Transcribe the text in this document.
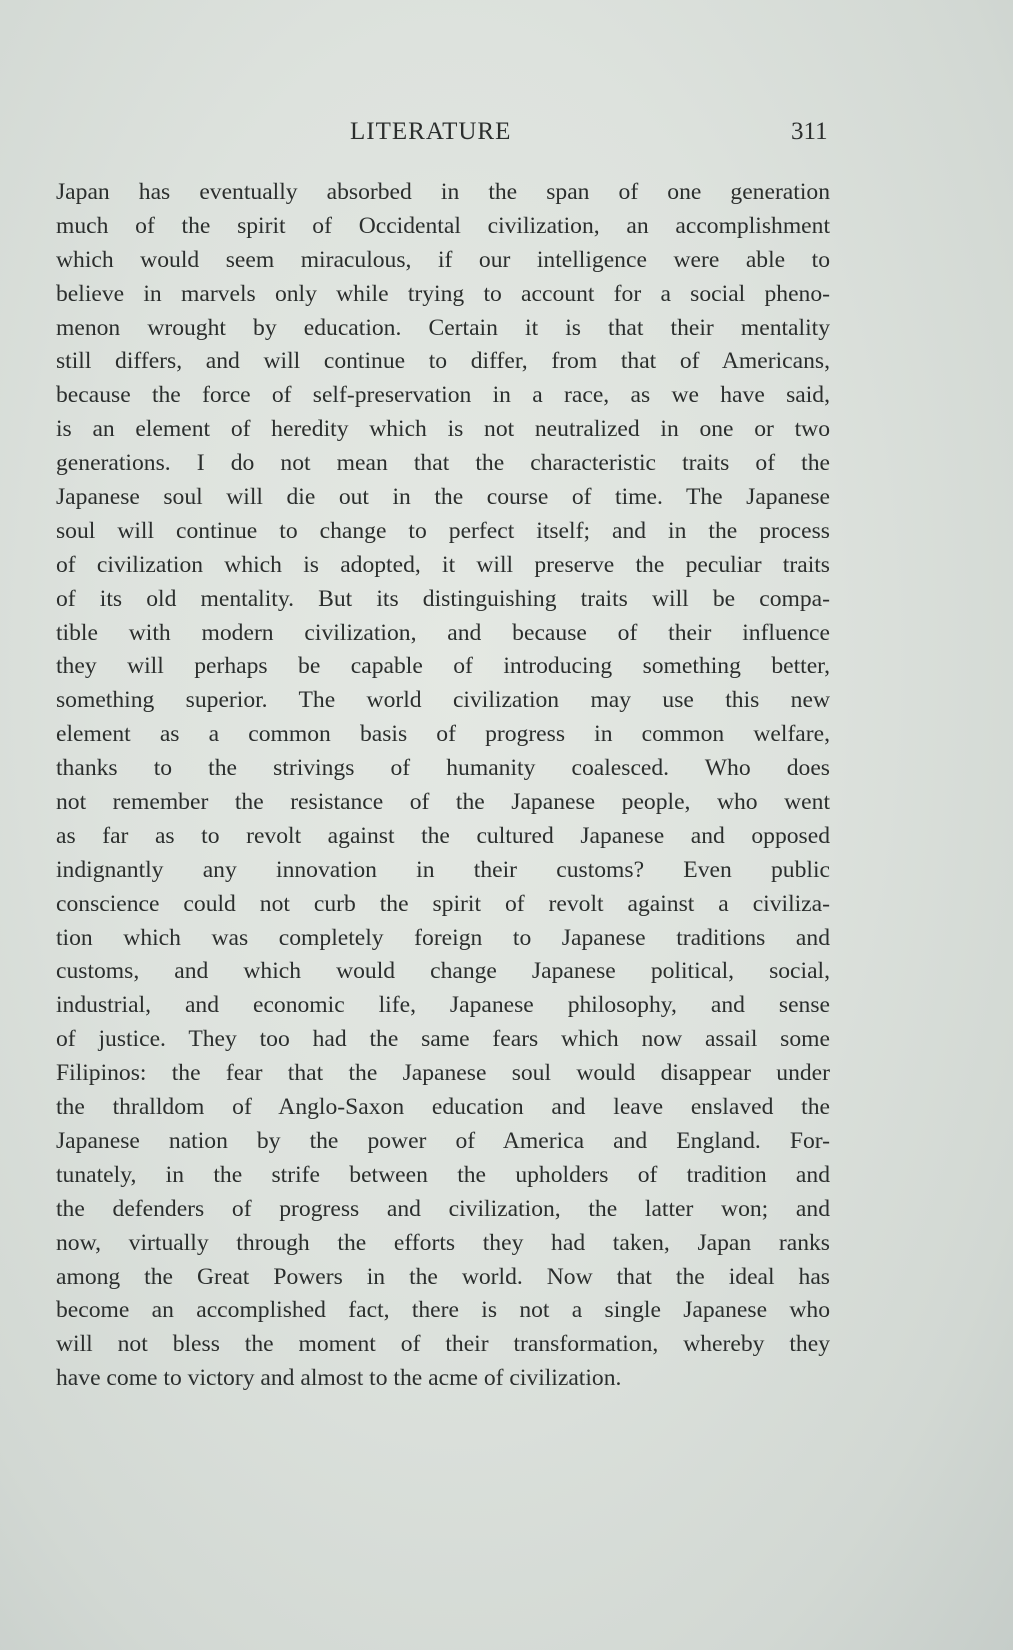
LITERATURE	311
Japan has eventually absorbed in the span of one generation
much of the spirit of Occidental civilization, an accomplishment
which would seem miraculous, if our intelligence were able to
believe in marvels only while trying to account for a social pheno-
menon wrought by education. Certain it is that their mentality
still differs, and will continue to differ, from that of Americans,
because the force of self-preservation in a race, as we have said,
is an element of heredity which is not neutralized in one or two
generations. I do not mean that the characteristic traits of the
Japanese soul will die out in the course of time. The Japanese
soul will continue to change to perfect itself; and in the process
of civilization which is adopted, it will preserve the peculiar traits
of its old mentality. But its distinguishing traits will be compa-
tible with modern civilization, and because of their influence
they will perhaps be capable of introducing something better,
something superior. The world civilization may use this new
element as a common basis of progress in common welfare,
thanks to the strivings of humanity coalesced. Who does
not remember the resistance of the Japanese people, who went
as far as to revolt against the cultured Japanese and opposed
indignantly any innovation in their customs? Even public
conscience could not curb the spirit of revolt against a civiliza-
tion which was completely foreign to Japanese traditions and
customs, and which would change Japanese political, social,
industrial, and economic life, Japanese philosophy, and sense
of justice. They too had the same fears which now assail some
Filipinos: the fear that the Japanese soul would disappear under
the thralldom of Anglo-Saxon education and leave enslaved the
Japanese nation by the power of America and England. For-
tunately, in the strife between the upholders of tradition and
the defenders of progress and civilization, the latter won; and
now, virtually through the efforts they had taken, Japan ranks
among the Great Powers in the world. Now that the ideal has
become an accomplished fact, there is not a single Japanese who
will not bless the moment of their transformation, whereby they
have come to victory and almost to the acme of civilization.
